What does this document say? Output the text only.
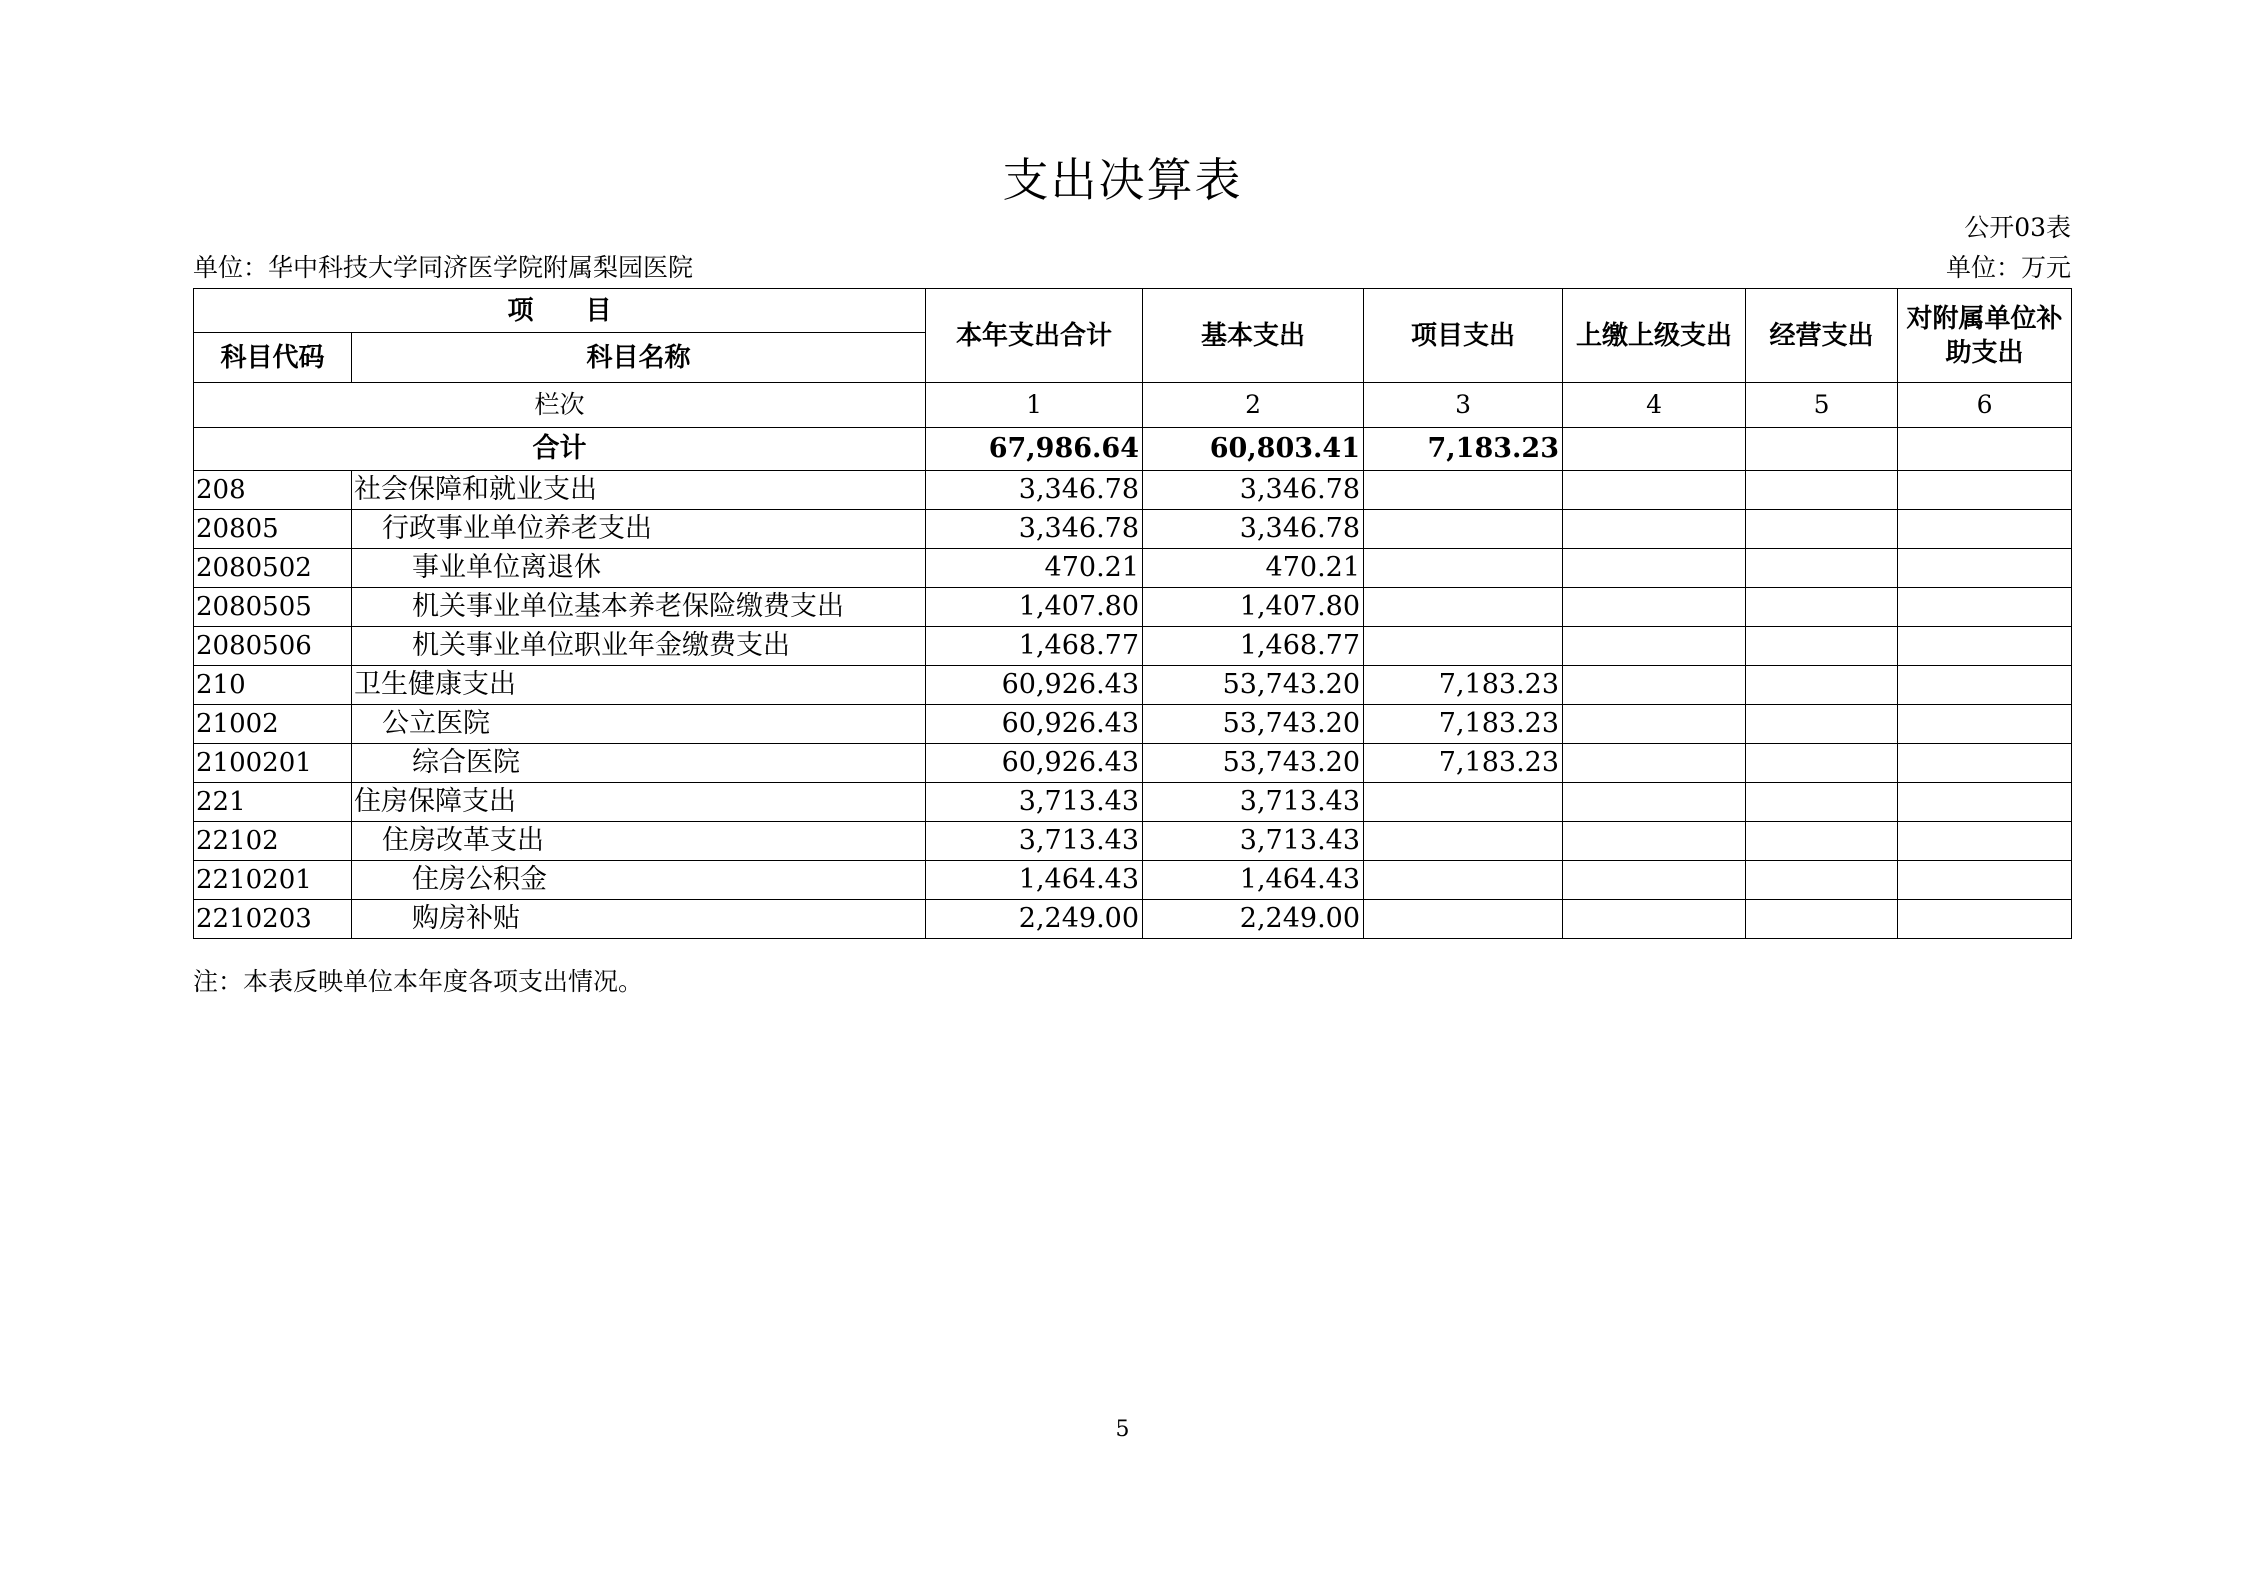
支出决算表
公开03表
单位：华中科技大学同济医学院附属梨园医院	单位：万元
项　　目		本年支出合计	基本支出	项目支出	上缴上级支出	经营支出	对附属单位补助支出
科目代码	科目名称						
栏次		1	2	3	4	5	6
合计		67,986.64	60,803.41	7,183.23			
208	社会保障和就业支出	3,346.78	3,346.78				
20805	行政事业单位养老支出	3,346.78	3,346.78				
2080502	事业单位离退休	470.21	470.21				
2080505	机关事业单位基本养老保险缴费支出	1,407.80	1,407.80				
2080506	机关事业单位职业年金缴费支出	1,468.77	1,468.77				
210	卫生健康支出	60,926.43	53,743.20	7,183.23			
21002	公立医院	60,926.43	53,743.20	7,183.23			
2100201	综合医院	60,926.43	53,743.20	7,183.23			
221	住房保障支出	3,713.43	3,713.43				
22102	住房改革支出	3,713.43	3,713.43				
2210201	住房公积金	1,464.43	1,464.43				
2210203	购房补贴	2,249.00	2,249.00				
注：本表反映单位本年度各项支出情况。
5
